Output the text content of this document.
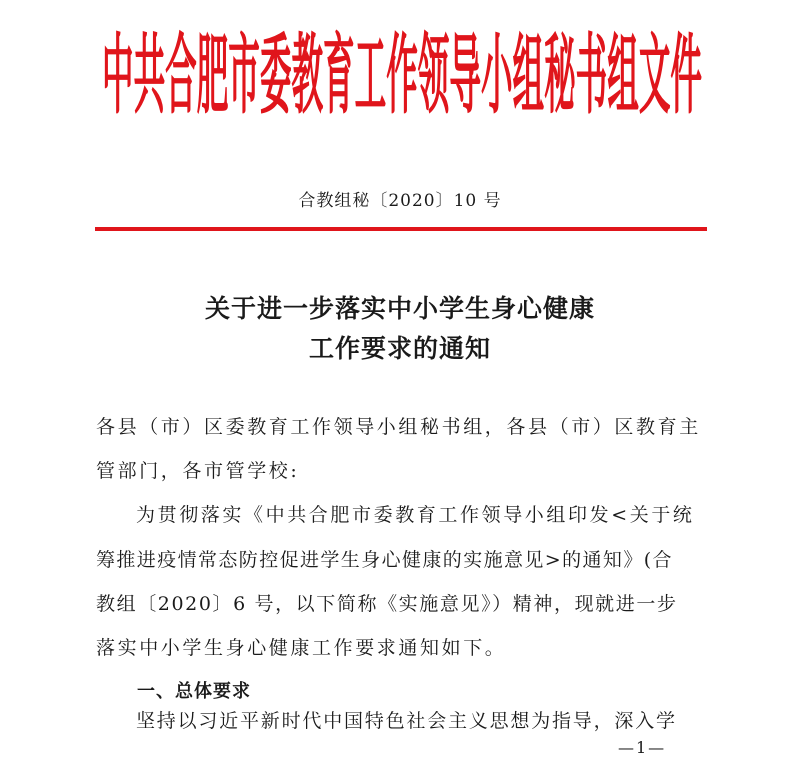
中共合肥市委教育工作领导小组秘书组文件
合教组秘〔2020〕10 号
关于进一步落实中小学生身心健康
工作要求的通知
各县（市）区委教育工作领导小组秘书组，各县（市）区教育主
管部门，各市管学校:
为贯彻落实《中共合肥市委教育工作领导小组印发<关于统
筹推进疫情常态防控促进学生身心健康的实施意见>的通知》(合
教组〔2020〕6 号，以下简称《实施意见》）精神，现就进一步
落实中小学生身心健康工作要求通知如下。
一、总体要求
坚持以习近平新时代中国特色社会主义思想为指导，深入学
—1—
